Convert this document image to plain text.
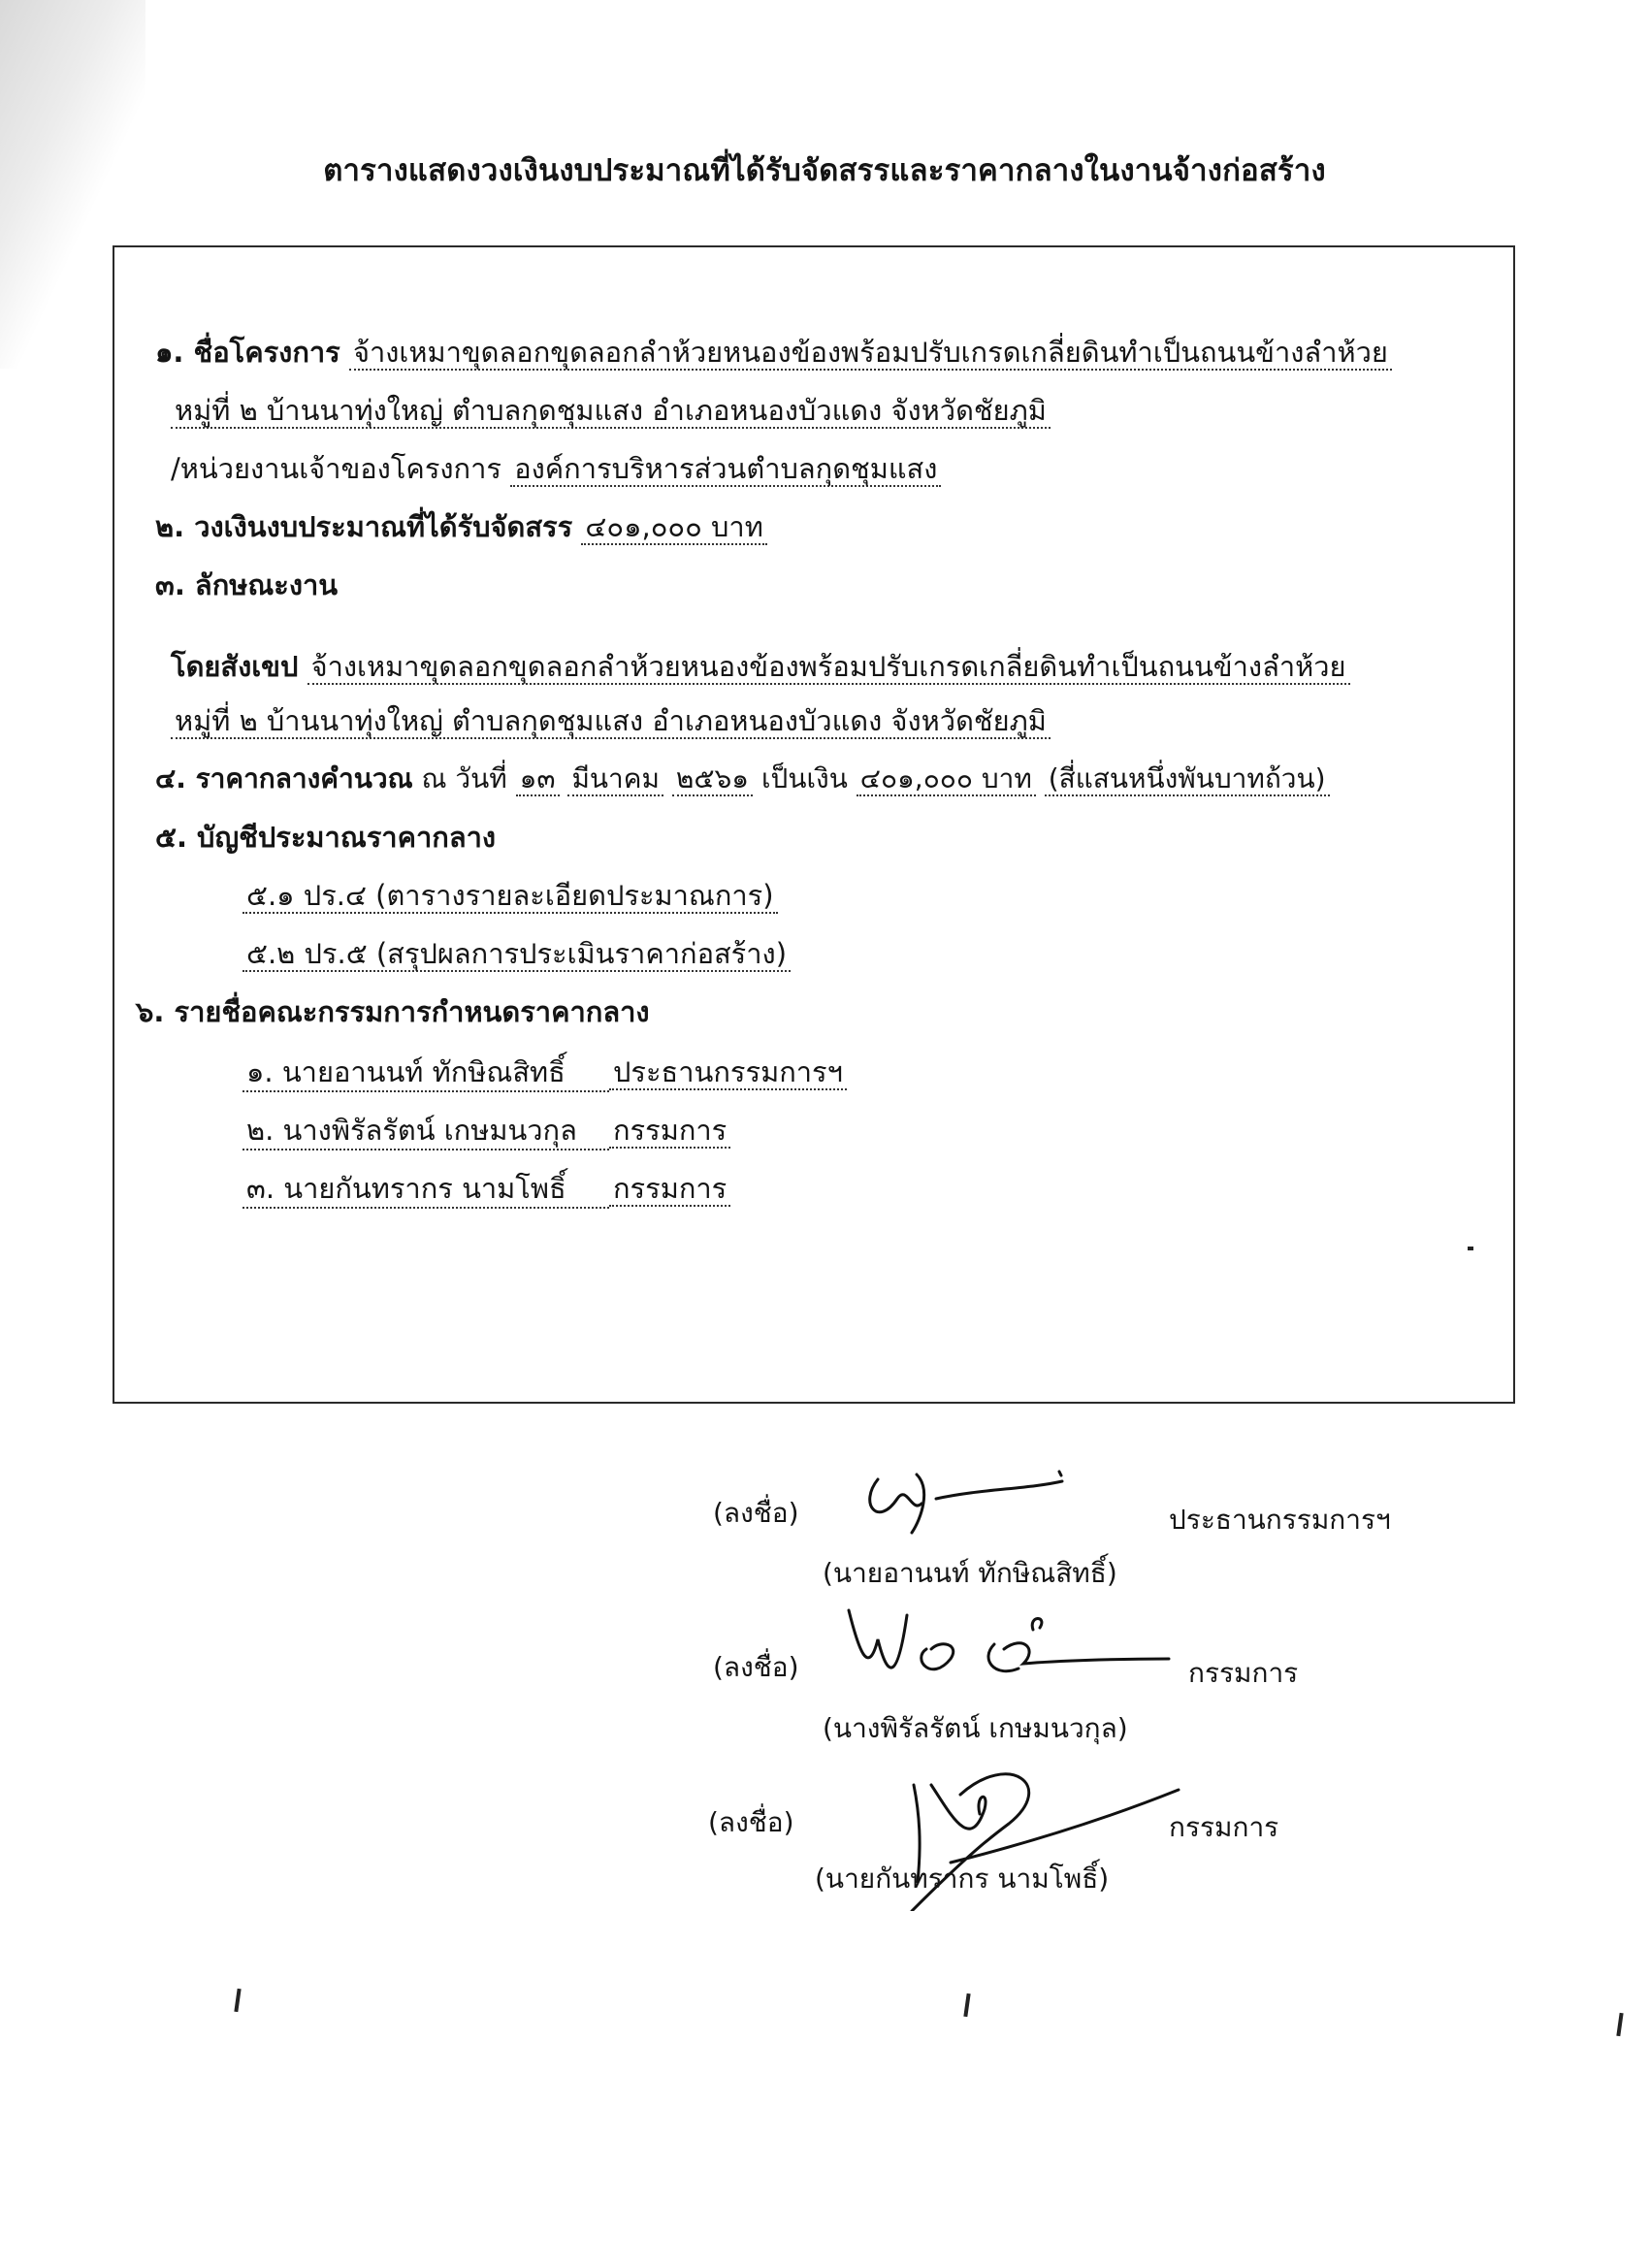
ตารางแสดงวงเงินงบประมาณที่ได้รับจัดสรรและราคากลางในงานจ้างก่อสร้าง
๑. ชื่อโครงการ จ้างเหมาขุดลอกขุดลอกลำห้วยหนองข้องพร้อมปรับเกรดเกลี่ยดินทำเป็นถนนข้างลำห้วย
หมู่ที่ ๒ บ้านนาทุ่งใหญ่ ตำบลกุดชุมแสง อำเภอหนองบัวแดง จังหวัดชัยภูมิ
/หน่วยงานเจ้าของโครงการ องค์การบริหารส่วนตำบลกุดชุมแสง
๒. วงเงินงบประมาณที่ได้รับจัดสรร ๔๐๑,๐๐๐ บาท
๓. ลักษณะงาน
โดยสังเขป จ้างเหมาขุดลอกขุดลอกลำห้วยหนองข้องพร้อมปรับเกรดเกลี่ยดินทำเป็นถนนข้างลำห้วย
หมู่ที่ ๒ บ้านนาทุ่งใหญ่ ตำบลกุดชุมแสง อำเภอหนองบัวแดง จังหวัดชัยภูมิ
๔. ราคากลางคำนวณ ณ วันที่ ๑๓ มีนาคม ๒๕๖๑ เป็นเงิน ๔๐๑,๐๐๐ บาท (สี่แสนหนึ่งพันบาทถ้วน)
๕. บัญชีประมาณราคากลาง
๕.๑ ปร.๔ (ตารางรายละเอียดประมาณการ)
๕.๒ ปร.๕ (สรุปผลการประเมินราคาก่อสร้าง)
๖. รายชื่อคณะกรรมการกำหนดราคากลาง
๑. นายอานนท์ ทักษิณสิทธิ์ ประธานกรรมการฯ
๒. นางพิรัลรัตน์ เกษมนวกุล กรรมการ
๓. นายกันทรากร นามโพธิ์ กรรมการ
(ลงชื่อ)	ประธานกรรมการฯ
(นายอานนท์ ทักษิณสิทธิ์)
(ลงชื่อ)	กรรมการ
(นางพิรัลรัตน์ เกษมนวกุล)
(ลงชื่อ)	กรรมการ
(นายกันทรากร นามโพธิ์)
